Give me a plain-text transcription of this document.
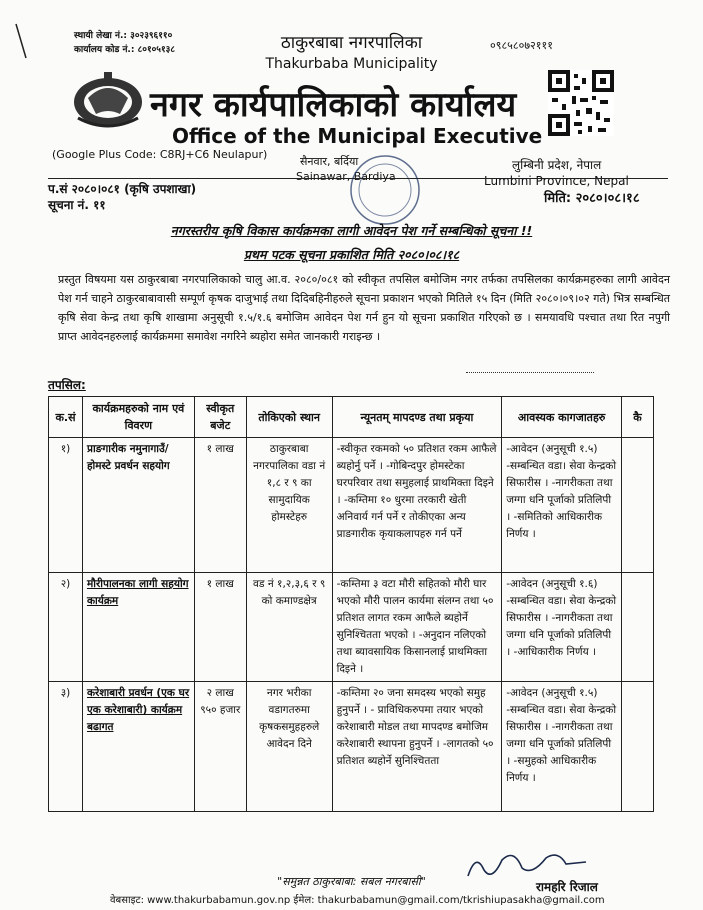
स्थायी लेखा नं.: ३०२३९६११०
कार्यालय कोड नं.: ८०१०५१३८	०९८५८०७२१११
ठाकुरबाबा नगरपालिका
Thakurbaba Municipality
नगर कार्यपालिकाको कार्यालय
Office of the Municipal Executive
(Google Plus Code: C8RJ+C6 Neulapur)
सैनवार, बर्दिया
Sainawar, Bardiya
लुम्बिनी प्रदेश, नेपाल
Lumbini Province, Nepal
प.सं २०८०।०८१ (कृषि उपशाखा)
सूचना नं. ११	मिति: २०८०।०८।१८
नगरस्तरीय कृषि विकास कार्यक्रमका लागी आवेदन पेश गर्ने सम्बन्धिको सूचना !!
प्रथम पटक सूचना प्रकाशित मिति २०८०।०८।१८
प्रस्तुत विषयमा यस ठाकुरबाबा नगरपालिकाको चालु आ.व. २०८०/०८१ को स्वीकृत तपसिल बमोजिम नगर तर्फका तपसिलका कार्यक्रमहरुका लागी आवेदन पेश गर्न चाहने ठाकुरबाबावासी सम्पूर्ण कृषक दाजुभाई तथा दिदिबहिनीहरुले सूचना प्रकाशन भएको मितिले १५ दिन (मिति २०८०।०९।०२ गते) भित्र सम्बन्धित कृषि सेवा केन्द्र तथा कृषि शाखामा अनुसूची १.५/१.६ बमोजिम आवेदन पेश गर्न हुन यो सूचना प्रकाशित गरिएको छ । समयावधि पश्चात तथा रित नपुगी प्राप्त आवेदनहरुलाई कार्यक्रममा समावेश नगरिने ब्यहोरा समेत जानकारी गराइन्छ ।
तपसिल:
क.सं	कार्यक्रमहरुको नाम एवं विवरण	स्वीकृत बजेट	तोकिएको स्थान	न्यूनतम् मापदण्ड तथा प्रकृया	आवस्यक कागजातहरु	कै
१)	प्राङगारीक नमुनागाउँ/होमस्टे प्रवर्धन सहयोग	१ लाख	ठाकुरबाबा नगरपालिका वडा नं १,८ र ९ का सामुदायिक होमस्टेहरु	-स्वीकृत रकमको ५० प्रतिशत रकम आफैले ब्यहोर्नु पर्ने । -गोबिन्दपुर होमस्टेका घरपरिवार तथा समुहलाई प्राथमिक्ता दिइने । -कम्तिमा १० धुरमा तरकारी खेती अनिवार्य गर्न पर्ने र तोकीएका अन्य प्राङगारीक कृयाकलापहरु गर्न पर्ने	-आवेदन (अनुसूची १.५) -सम्बन्धित वडा। सेवा केन्द्रको सिफारीस । -नागरीकता तथा जग्गा धनि पूर्जाको प्रतिलिपी । -समितिको आधिकारीक निर्णय ।	
२)	मौरीपालनका लागी सहयोग कार्यक्रम	१ लाख	वड नं १,२,३,६ र ९ को कमाण्डक्षेत्र	-कम्तिमा ३ वटा मौरी सहितको मौरी घार भएको मौरी पालन कार्यमा संलग्न तथा ५० प्रतिशत लागत रकम आफैले ब्यहोर्ने सुनिश्चितता भएको । -अनुदान नलिएको तथा ब्यावसायिक किसानलाई प्राथमिक्ता दिइने ।	-आवेदन (अनुसूची १.६) -सम्बन्धित वडा। सेवा केन्द्रको सिफारीस । -नागरीकता तथा जग्गा धनि पूर्जाको प्रतिलिपी । -आधिकारीक निर्णय ।	
३)	करेशाबारी प्रवर्धन (एक घर एक करेशाबारी) कार्यक्रम बढागत	२ लाख ९५० हजार	नगर भरीका वडागतरुमा कृषकसमुहहरुले आवेदन दिने	-कम्तिमा २० जना समदस्य भएको समुह हुनुपर्ने । - प्राविधिकरुपमा तयार भएको करेशाबारी मोडल तथा मापदण्ड बमोजिम करेशाबारी स्थापना हुनुपर्ने । -लागतको ५० प्रतिशत ब्यहोर्ने सुनिश्चितता	-आवेदन (अनुसूची १.५) -सम्बन्धित वडा। सेवा केन्द्रको सिफारीस । -नागरीकता तथा जग्गा धनि पूर्जाको प्रतिलिपी । -समुहको आधिकारीक निर्णय ।	
रामहरि रिजाल
"समुन्नत ठाकुरबाबा: सबल नगरबासी"
वेबसाइट: www.thakurbabamun.gov.np ईमेल: thakurbabamun@gmail.com/tkrishiupasakha@gmail.com
